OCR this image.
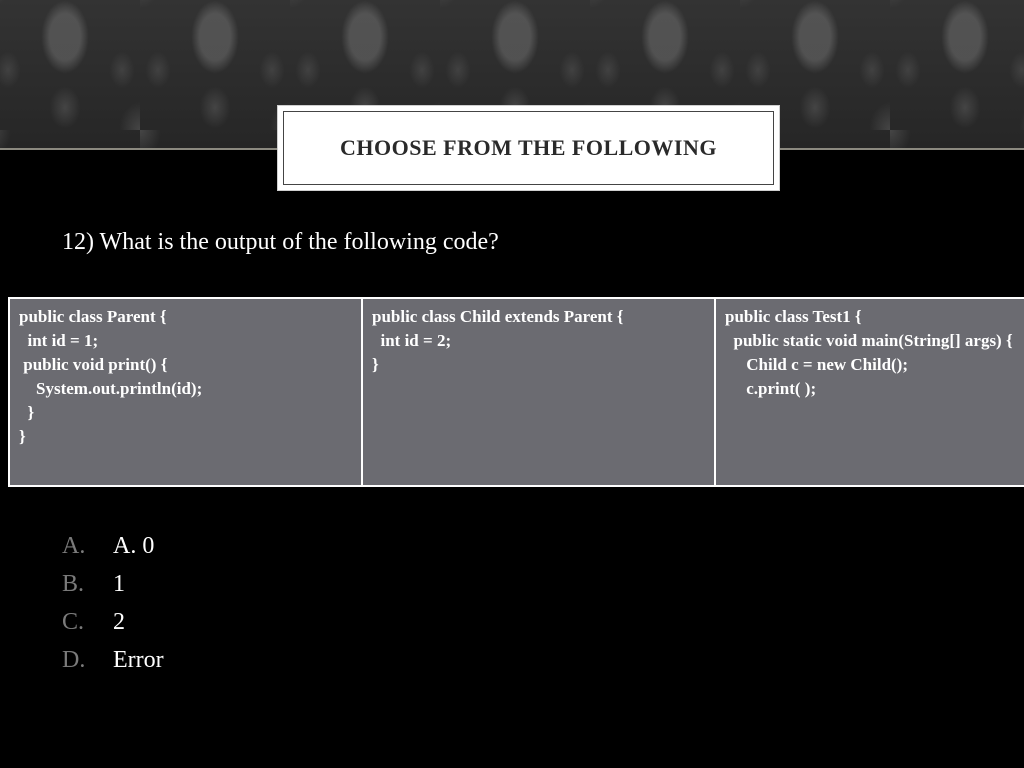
CHOOSE FROM THE FOLLOWING
12) What is the output of the following code?
public class Parent {
int id = 1;
public void print() {
System.out.println(id);
}
}	public class Child extends Parent {
int id = 2;
}	public class Test1 {
public static void main(String[] args) {
Child c = new Child();
c.print( );
A.	A. 0
B.	1
C.	2
D.	Error
